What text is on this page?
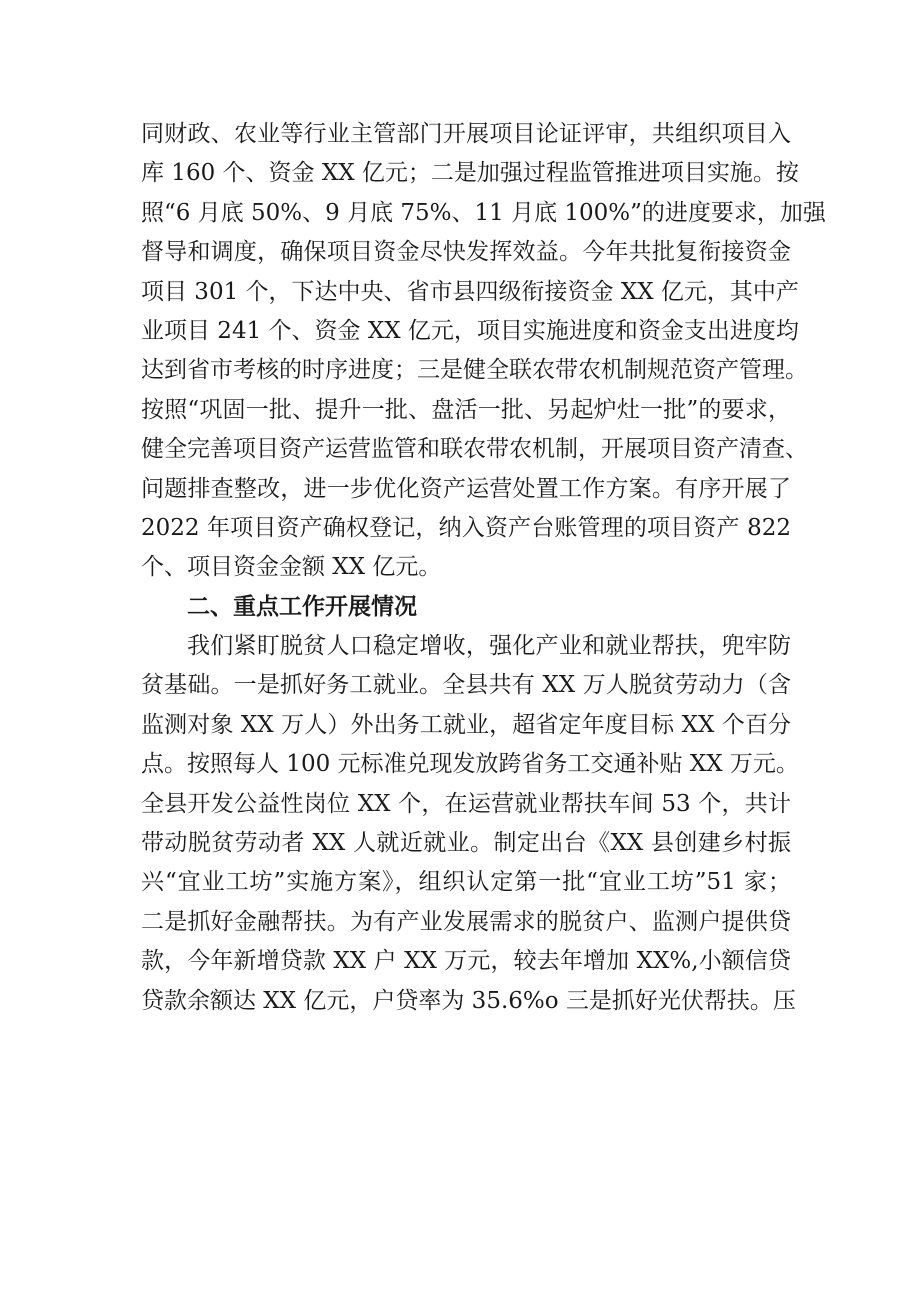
同财政、农业等行业主管部门开展项目论证评审，共组织项目入
库 160 个、资金 XX 亿元；二是加强过程监管推进项目实施。按
照“6 月底 50%、9 月底 75%、11 月底 100%”的进度要求，加强
督导和调度，确保项目资金尽快发挥效益。今年共批复衔接资金
项目 301 个，下达中央、省市县四级衔接资金 XX 亿元，其中产
业项目 241 个、资金 XX 亿元，项目实施进度和资金支出进度均
达到省市考核的时序进度；三是健全联农带农机制规范资产管理。
按照“巩固一批、提升一批、盘活一批、另起炉灶一批”的要求，
健全完善项目资产运营监管和联农带农机制，开展项目资产清查、
问题排查整改，进一步优化资产运营处置工作方案。有序开展了
2022 年项目资产确权登记，纳入资产台账管理的项目资产 822
个、项目资金金额 XX 亿元。
二、重点工作开展情况
我们紧盯脱贫人口稳定增收，强化产业和就业帮扶，兜牢防
贫基础。一是抓好务工就业。全县共有 XX 万人脱贫劳动力（含
监测对象 XX 万人）外出务工就业，超省定年度目标 XX 个百分
点。按照每人 100 元标准兑现发放跨省务工交通补贴 XX 万元。
全县开发公益性岗位 XX 个，在运营就业帮扶车间 53 个，共计
带动脱贫劳动者 XX 人就近就业。制定出台《XX 县创建乡村振
兴“宜业工坊”实施方案》，组织认定第一批“宜业工坊”51 家；
二是抓好金融帮扶。为有产业发展需求的脱贫户、监测户提供贷
款，今年新增贷款 XX 户 XX 万元，较去年增加 XX%,小额信贷
贷款余额达 XX 亿元，户贷率为 35.6%o 三是抓好光伏帮扶。压
